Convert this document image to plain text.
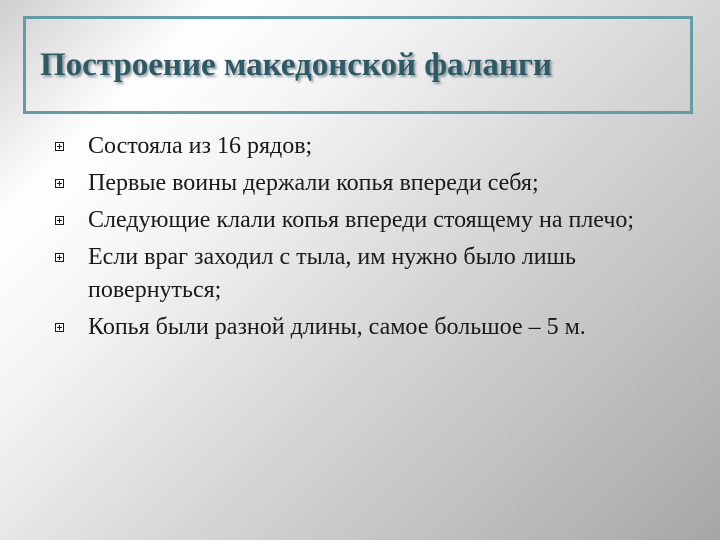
Построение македонской фаланги
Состояла из 16 рядов;
Первые воины держали копья впереди себя;
Следующие клали копья впереди стоящему на плечо;
Если враг заходил с тыла, им нужно было лишь повернуться;
Копья были разной длины, самое большое – 5 м.
